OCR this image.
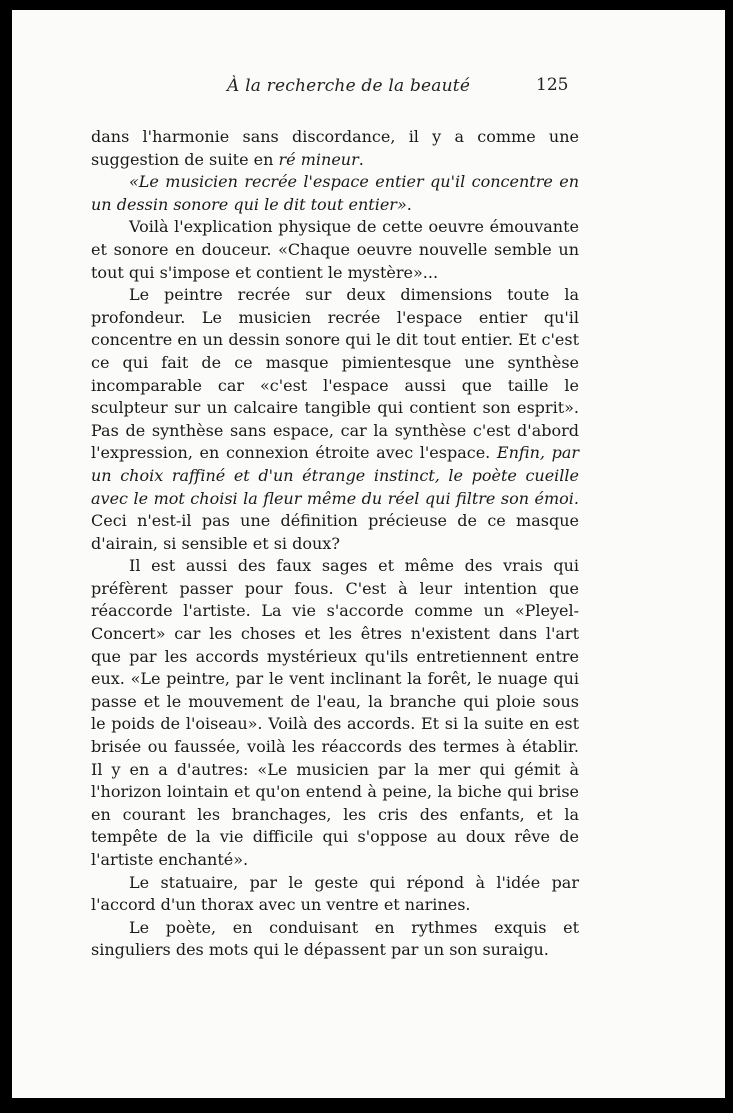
À la recherche de la beauté	125

dans l'harmonie sans discordance, il y a comme une suggestion de suite en ré mineur.

«Le musicien recrée l'espace entier qu'il concentre en un dessin sonore qui le dit tout entier».

Voilà l'explication physique de cette oeuvre émouvante et sonore en douceur. «Chaque oeuvre nouvelle semble un tout qui s'impose et contient le mystère»...

Le peintre recrée sur deux dimensions toute la profondeur. Le musicien recrée l'espace entier qu'il concentre en un dessin sonore qui le dit tout entier. Et c'est ce qui fait de ce masque pimientesque une synthèse incomparable car «c'est l'espace aussi que taille le sculpteur sur un calcaire tangible qui contient son esprit». Pas de synthèse sans espace, car la synthèse c'est d'abord l'expression, en connexion étroite avec l'espace. Enfin, par un choix raffiné et d'un étrange instinct, le poète cueille avec le mot choisi la fleur même du réel qui filtre son émoi. Ceci n'est-il pas une définition précieuse de ce masque d'airain, si sensible et si doux?

Il est aussi des faux sages et même des vrais qui préfèrent passer pour fous. C'est à leur intention que réaccorde l'artiste. La vie s'accorde comme un «Pleyel-Concert» car les choses et les êtres n'existent dans l'art que par les accords mystérieux qu'ils entretiennent entre eux. «Le peintre, par le vent inclinant la forêt, le nuage qui passe et le mouvement de l'eau, la branche qui ploie sous le poids de l'oiseau». Voilà des accords. Et si la suite en est brisée ou faussée, voilà les réaccords des termes à établir. Il y en a d'autres: «Le musicien par la mer qui gémit à l'horizon lointain et qu'on entend à peine, la biche qui brise en courant les branchages, les cris des enfants, et la tempête de la vie difficile qui s'oppose au doux rêve de l'artiste enchanté».

Le statuaire, par le geste qui répond à l'idée par l'accord d'un thorax avec un ventre et narines.

Le poète, en conduisant en rythmes exquis et singuliers des mots qui le dépassent par un son suraigu.
